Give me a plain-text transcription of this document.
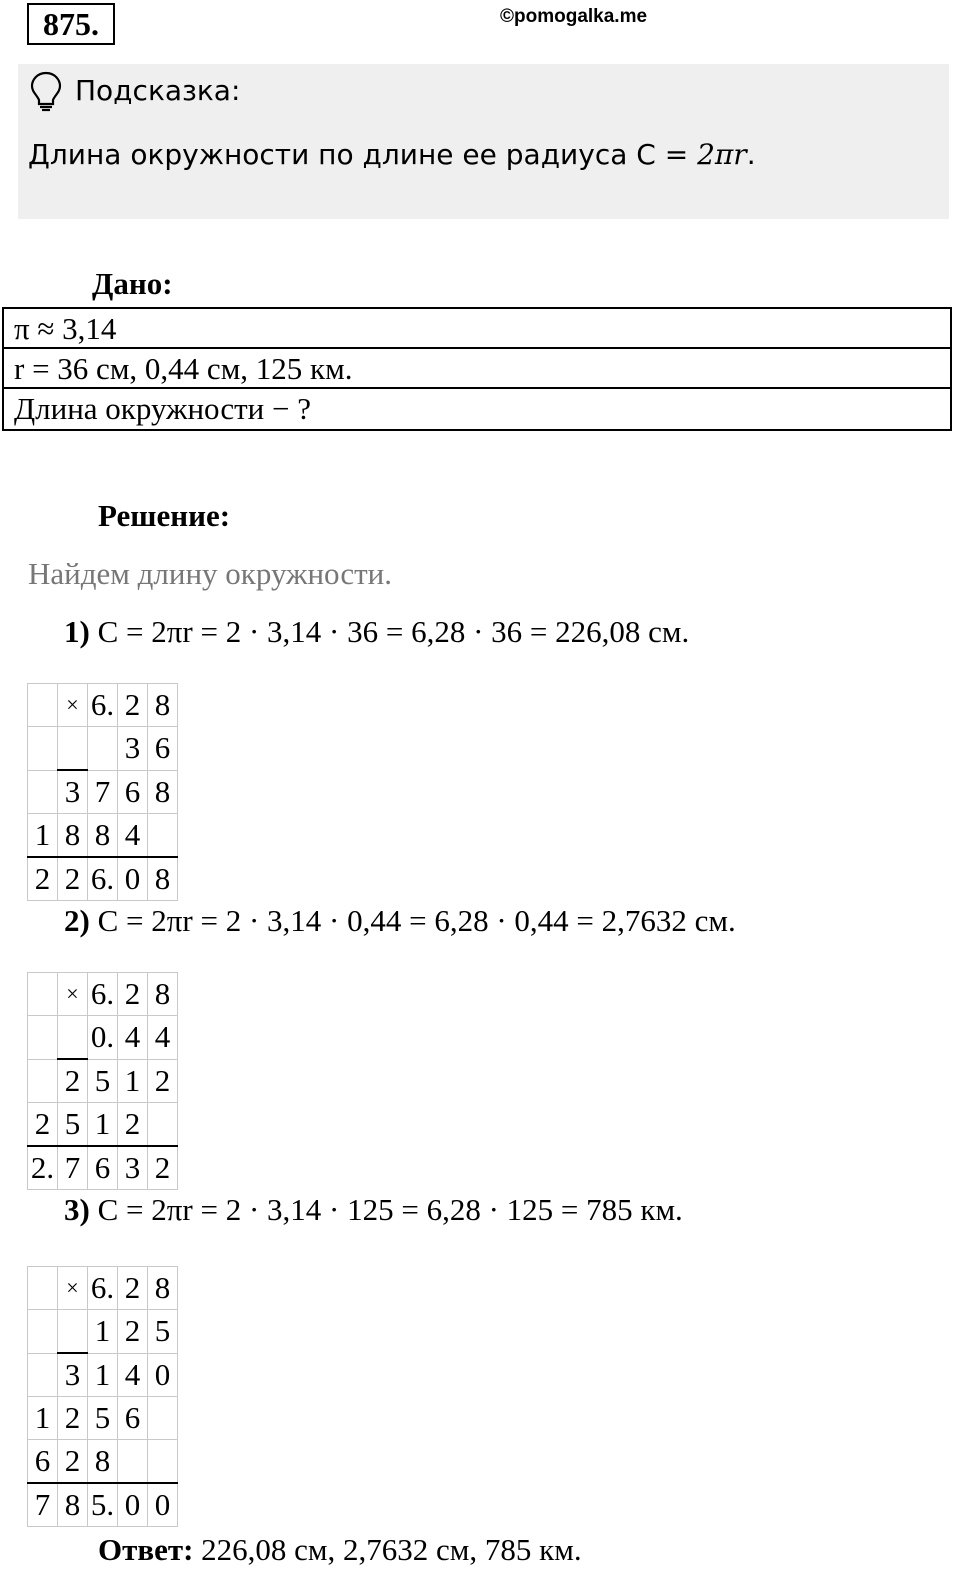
875.	©pomogalka.me
Подсказка:
Длина окружности по длине ее радиуса С = 2πr.
Дано:
π ≈ 3,14
r = 36 см, 0,44 см, 125 км.
Длина окружности − ?
Решение:
Найдем длину окружности.
1) С = 2πr = 2 · 3,14 · 36 = 6,28 · 36 = 226,08 см.
2) С = 2πr = 2 · 3,14 · 0,44 = 6,28 · 0,44 = 2,7632 см.
3) С = 2πr = 2 · 3,14 · 125 = 6,28 · 125 = 785 км.
	×	6.	2	8
			3	6
	3	7	6	8
1	8	8	4	
2	2	6.	0	8
	×	6.	2	8
		0.	4	4
	2	5	1	2
2	5	1	2	
2.	7	6	3	2
	×	6.	2	8
		1	2	5
	3	1	4	0
1	2	5	6	
6	2	8		
7	8	5.	0	0
Ответ: 226,08 см, 2,7632 см, 785 км.
